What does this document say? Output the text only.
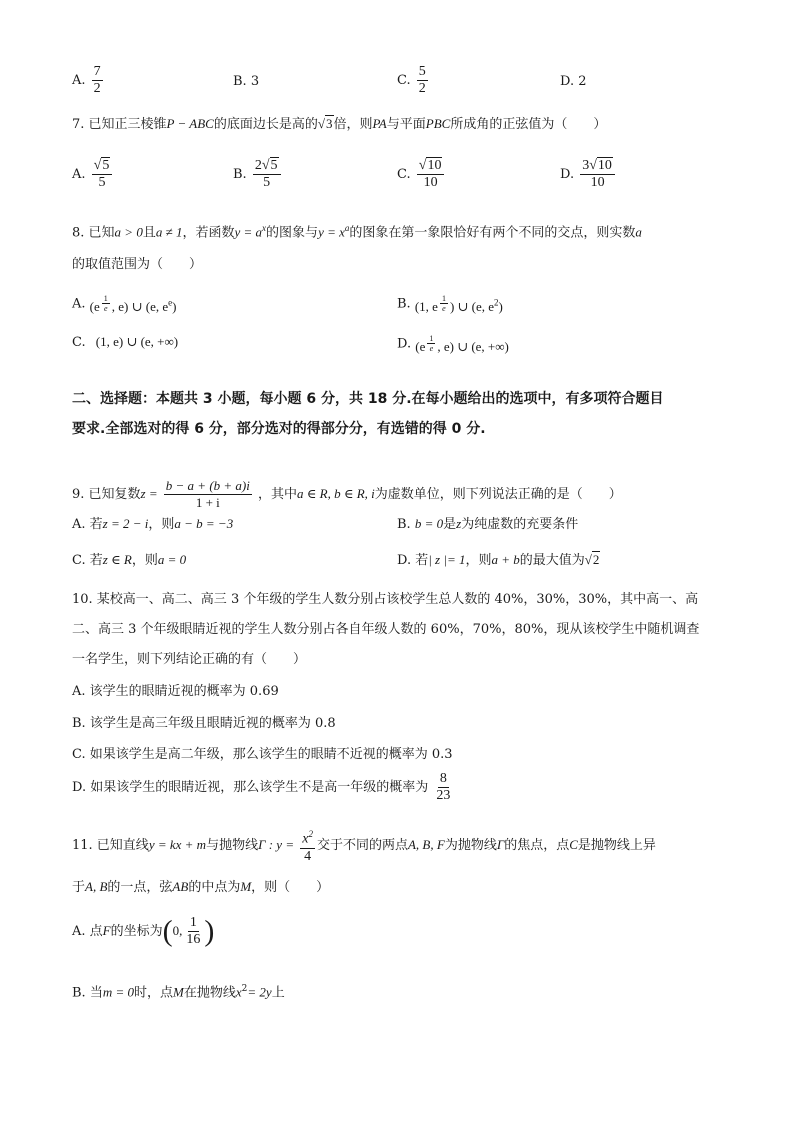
A. $\frac{7}{2}$	B. 3	C. $\frac{5}{2}$	D. 2
7. 已知正三棱锥P − ABC的底面边长是高的√3倍，则PA与平面PBC所成角的正弦值为（　　）
A. $\frac{√5}{5}$	B. $\frac{2√5}{5}$	C. $\frac{√10}{10}$	D. $\frac{3√10}{10}$
8. 已知a > 0且a ≠ 1，若函数$y = a^x$的图象与$y = x^a$的图象在第一象限恰好有两个不同的交点，则实数a
的取值范围为（　　）
A. (e $^{\frac{1}{e}}$ , e) ∪ (e, $e^e$)	B. (1, e $^{\frac{1}{e}}$ ) ∪ (e, $e^2$)
C. (1, e) ∪ (e, +∞)	D. (e $^{\frac{1}{e}}$ , e) ∪ (e, +∞)
二、选择题：本题共 3 小题，每小题 6 分，共 18 分.在每小题给出的选项中，有多项符合题目
要求.全部选对的得 6 分，部分选对的得部分分，有选错的得 0 分.
9. 已知复数$z = \frac{b - a + (b + a)i}{1 + i}$ ，其中a ∈ R, b ∈ R, i为虚数单位，则下列说法正确的是（　　）
A. 若z = 2 − i，则a − b = −3	B. b = 0是z为纯虚数的充要条件
C. 若z ∈ R，则a = 0	D. 若| z |= 1，则a + b的最大值为√2
10. 某校高一、高二、高三 3 个年级的学生人数分别占该校学生总人数的 40%，30%，30%，其中高一、高
二、高三 3 个年级眼睛近视的学生人数分别占各自年级人数的 60%，70%，80%，现从该校学生中随机调查
一名学生，则下列结论正确的有（　　）
A. 该学生的眼睛近视的概率为 0.69
B. 该学生是高三年级且眼睛近视的概率为 0.8
C. 如果该学生是高二年级，那么该学生的眼睛不近视的概率为 0.3
D. 如果该学生的眼睛近视，那么该学生不是高一年级的概率为 $\frac{8}{23}$
11. 已知直线y = kx + m与抛物线Γ : $y = \frac{x^2}{4}$ 交于不同的两点A, B, F为抛物线Γ的焦点，点C是抛物线上异
于A, B的一点，弦AB的中点为M，则（　　）
A. 点F的坐标为(0, $\frac{1}{16}$ )
B. 当m = 0时，点M在抛物线$x^2= 2y$上
